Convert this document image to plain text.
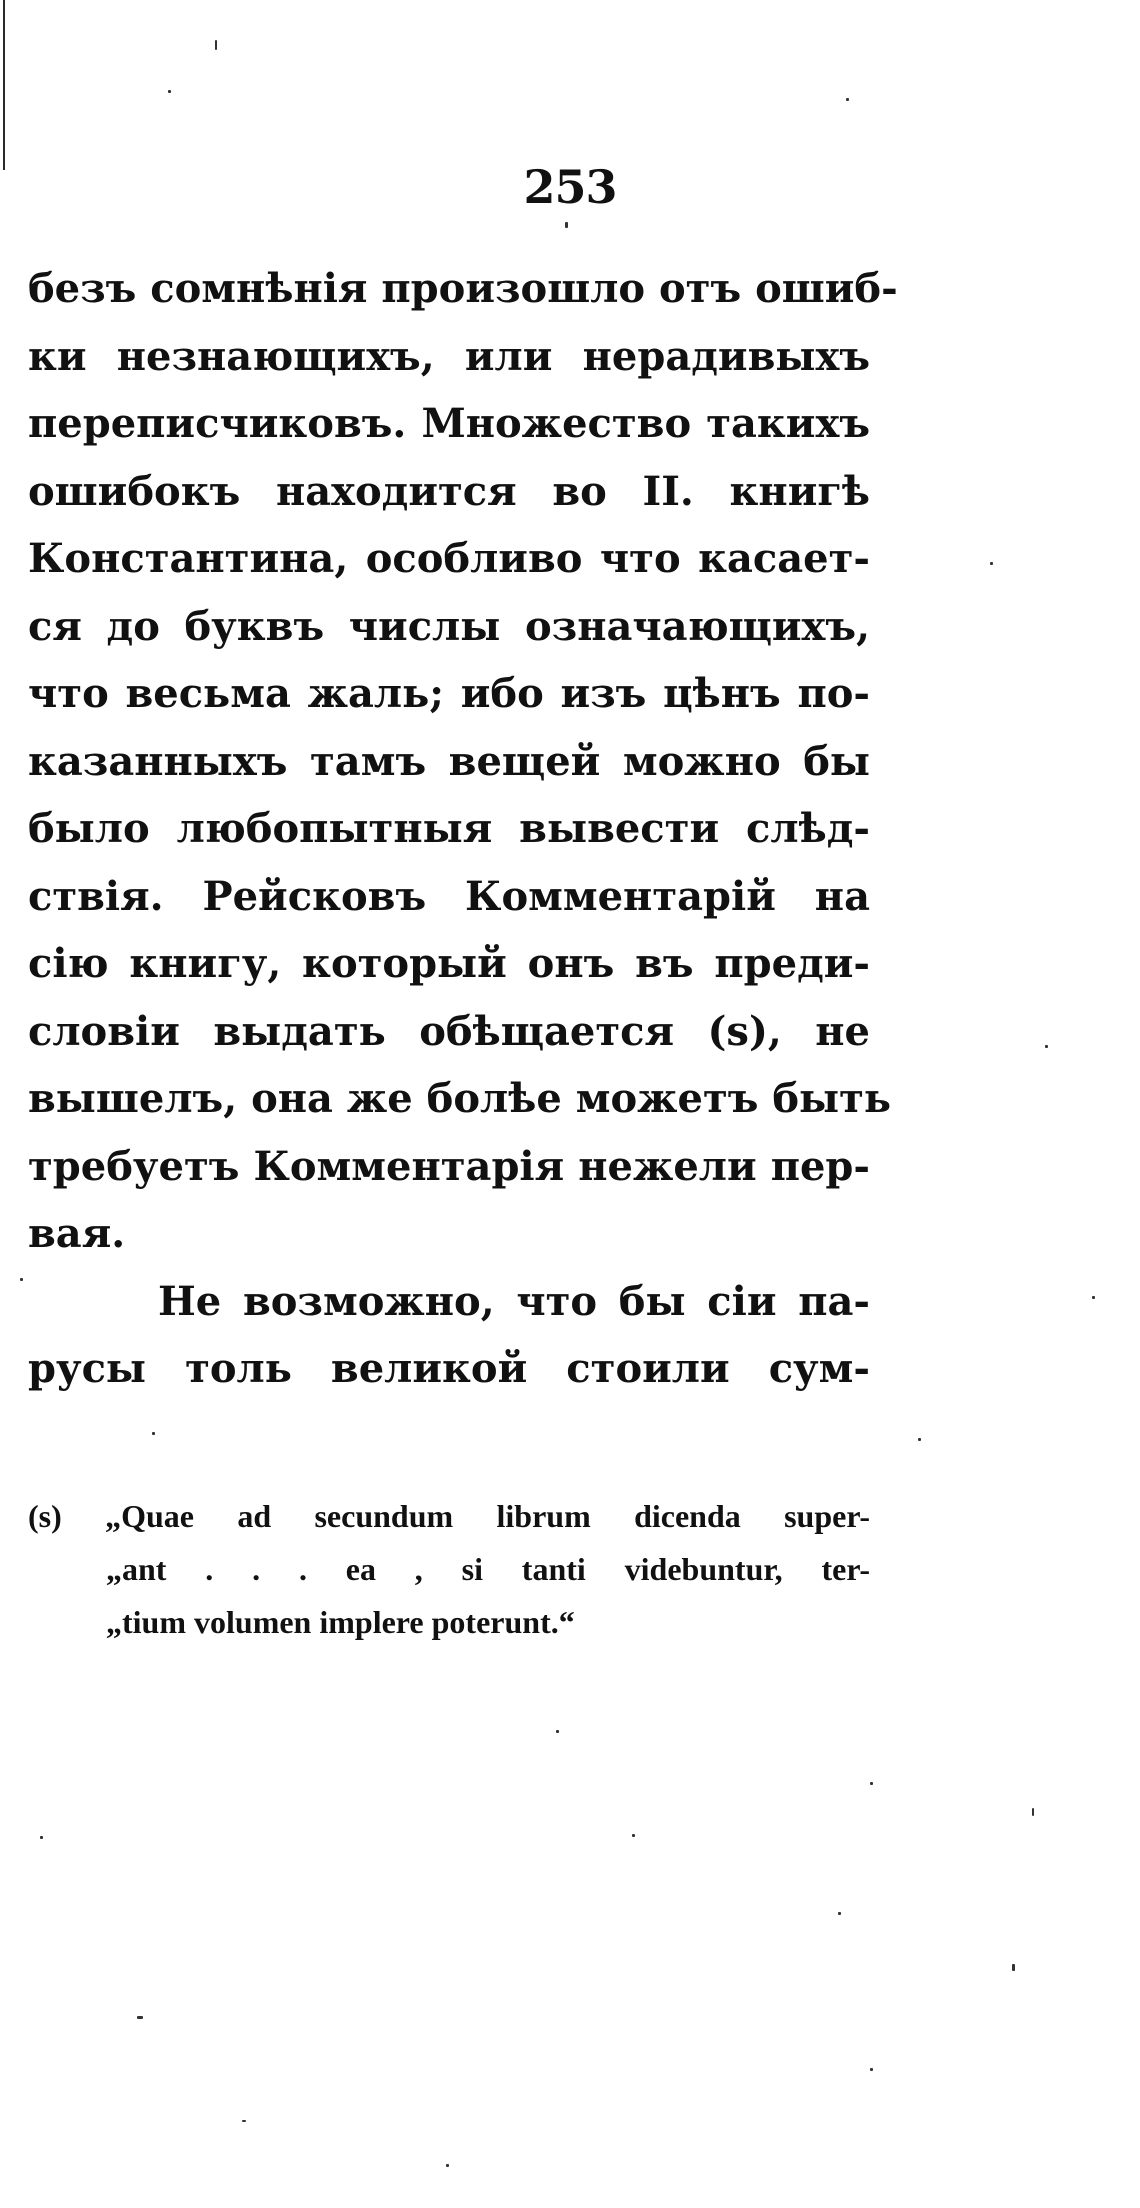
253
безъ сомнѣнія произошло отъ ошиб-
ки незнающихъ, или нерадивыхъ
переписчиковъ. Множество такихъ
ошибокъ находится во II. книгѣ
Константина, особливо что касает-
ся до буквъ числы означающихъ,
что весьма жаль; ибо изъ цѣнъ по-
казанныхъ тамъ вещей можно бы
было любопытныя вывести слѣд-
ствія. Рейсковъ Комментарій на
сію книгу, который онъ въ преди-
словіи выдать обѣщается (s), не
вышелъ, она же болѣе можетъ быть
требуетъ Комментарія нежели пер-
вая.
Не возможно, что бы сіи па-
русы толь великой стоили сум-
(s) „Quae ad secundum librum dicenda super-
„ant . . . ea , si tanti videbuntur, ter-
„tium volumen implere poterunt.“
